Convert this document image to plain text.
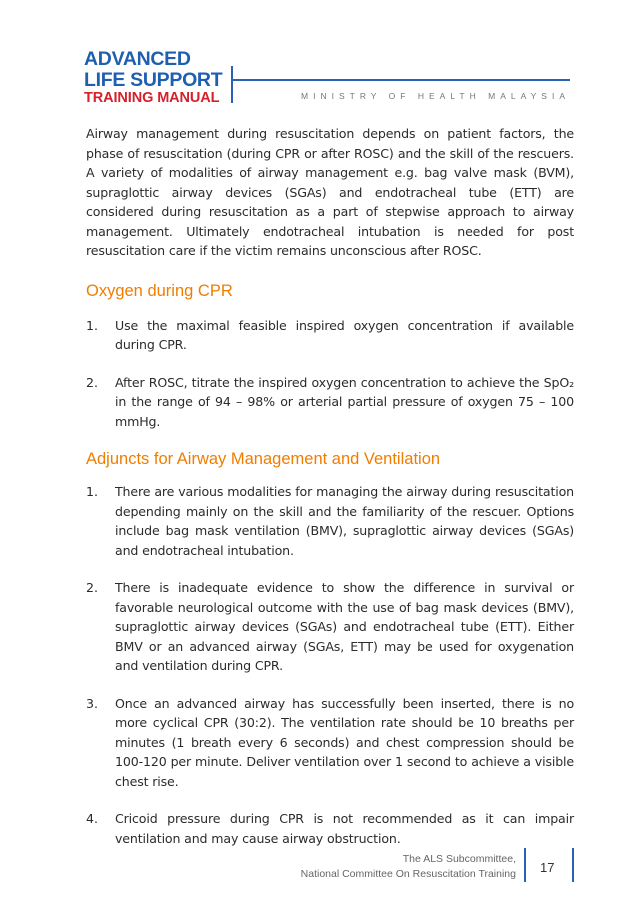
ADVANCED
LIFE SUPPORT
TRAINING MANUAL	MINISTRY OF HEALTH MALAYSIA

Airway management during resuscitation depends on patient factors, the phase of resuscitation (during CPR or after ROSC) and the skill of the rescuers. A variety of modalities of airway management e.g. bag valve mask (BVM), supraglottic airway devices (SGAs) and endotracheal tube (ETT) are considered during resuscitation as a part of stepwise approach to airway management. Ultimately endotracheal intubation is needed for post resuscitation care if the victim remains unconscious after ROSC.

Oxygen during CPR
1.	Use the maximal feasible inspired oxygen concentration if available during CPR.
2.	After ROSC, titrate the inspired oxygen concentration to achieve the SpO₂ in the range of 94 – 98% or arterial partial pressure of oxygen 75 – 100 mmHg.
Adjuncts for Airway Management and Ventilation
1.	There are various modalities for managing the airway during resuscitation depending mainly on the skill and the familiarity of the rescuer. Options include bag mask ventilation (BMV), supraglottic airway devices (SGAs) and endotracheal intubation.
2.	There is inadequate evidence to show the difference in survival or favorable neurological outcome with the use of bag mask devices (BMV), supraglottic airway devices (SGAs) and endotracheal tube (ETT). Either BMV or an advanced airway (SGAs, ETT) may be used for oxygenation and ventilation during CPR.
3.	Once an advanced airway has successfully been inserted, there is no more cyclical CPR (30:2). The ventilation rate should be 10 breaths per minutes (1 breath every 6 seconds) and chest compression should be 100-120 per minute. Deliver ventilation over 1 second to achieve a visible chest rise.
4.	Cricoid pressure during CPR is not recommended as it can impair ventilation and may cause airway obstruction.
The ALS Subcommittee,
National Committee On Resuscitation Training 17
